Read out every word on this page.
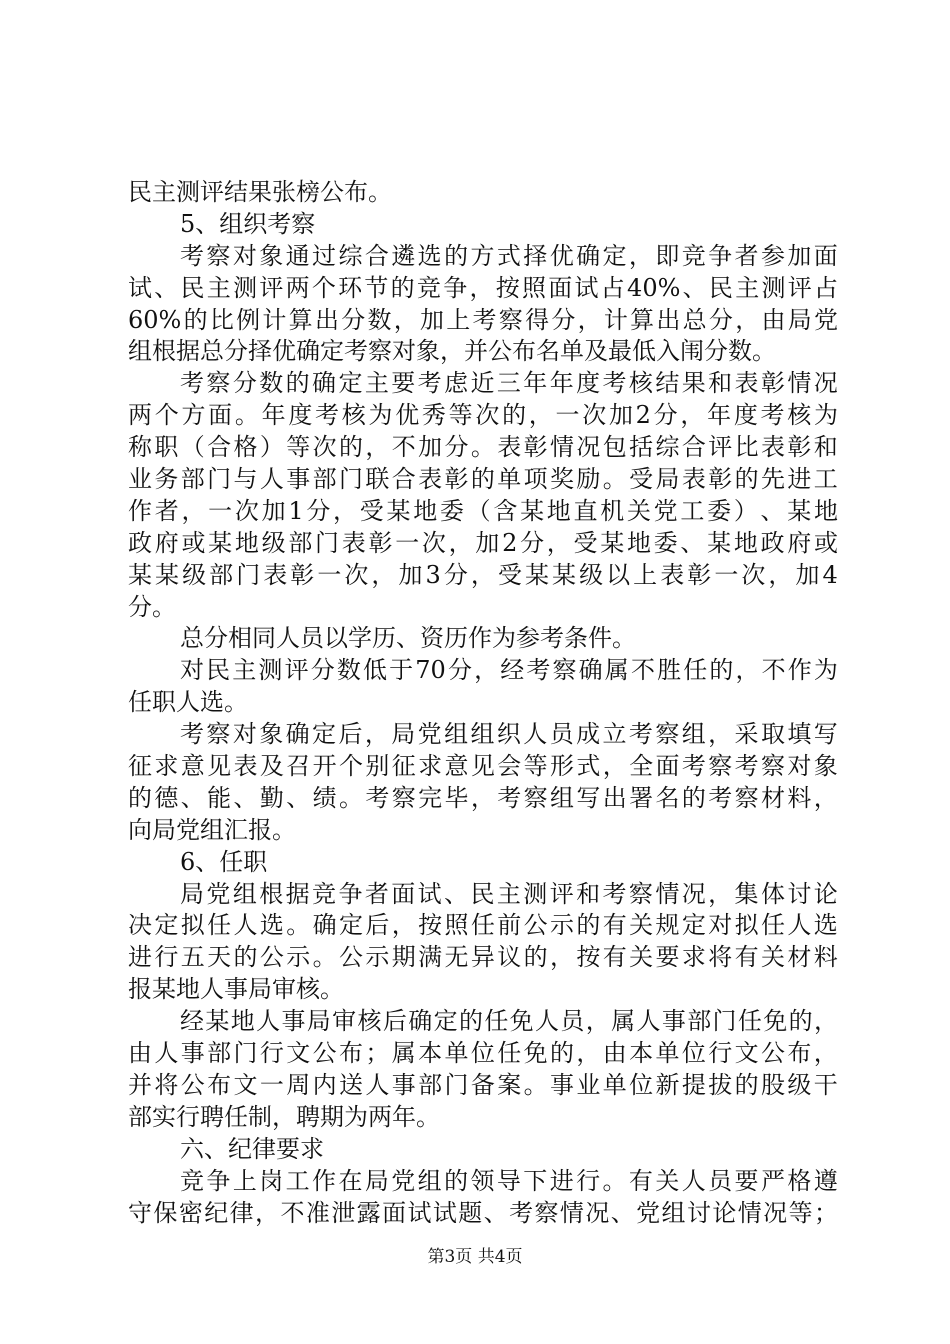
民主测评结果张榜公布。
5、组织考察
考 察 对 象 通 过 综 合 遴 选 的 方 式 择 优 确 定 ， 即 竞 争 者 参 加 面
试 、 民 主 测 评 两 个 环 节 的 竞 争 ， 按 照 面 试 占 40% 、 民 主 测 评 占
60% 的 比 例 计 算 出 分 数 ， 加 上 考 察 得 分 ， 计 算 出 总 分 ， 由 局 党
组根据总分择优确定考察对象，并公布名单及最低入闱分数。
考 察 分 数 的 确 定 主 要 考 虑 近 三 年 年 度 考 核 结 果 和 表 彰 情 况
两 个 方 面 。 年 度 考 核 为 优 秀 等 次 的 ， 一 次 加 2 分 ， 年 度 考 核 为
称 职 （ 合 格 ） 等 次 的 ， 不 加 分 。 表 彰 情 况 包 括 综 合 评 比 表 彰 和
业 务 部 门 与 人 事 部 门 联 合 表 彰 的 单 项 奖 励 。 受 局 表 彰 的 先 进 工
作 者 ， 一 次 加 1 分 ， 受 某 地 委 （ 含 某 地 直 机 关 党 工 委 ） 、 某 地
政 府 或 某 地 级 部 门 表 彰 一 次 ， 加 2 分 ， 受 某 地 委 、 某 地 政 府 或
某 某 级 部 门 表 彰 一 次 ， 加 3 分 ， 受 某 某 级 以 上 表 彰 一 次 ， 加 4
分。
总分相同人员以学历、资历作为参考条件。
对 民 主 测 评 分 数 低 于 70 分 ， 经 考 察 确 属 不 胜 任 的 ， 不 作 为
任职人选。
考 察 对 象 确 定 后 ， 局 党 组 组 织 人 员 成 立 考 察 组 ， 采 取 填 写
征 求 意 见 表 及 召 开 个 别 征 求 意 见 会 等 形 式 ， 全 面 考 察 考 察 对 象
的 德 、 能 、 勤 、 绩 。 考 察 完 毕 ， 考 察 组 写 出 署 名 的 考 察 材 料 ，
向局党组汇报。
6、任职
局 党 组 根 据 竞 争 者 面 试 、 民 主 测 评 和 考 察 情 况 ， 集 体 讨 论
决 定 拟 任 人 选 。 确 定 后 ， 按 照 任 前 公 示 的 有 关 规 定 对 拟 任 人 选
进 行 五 天 的 公 示 。 公 示 期 满 无 异 议 的 ， 按 有 关 要 求 将 有 关 材 料
报某地人事局审核。
经 某 地 人 事 局 审 核 后 确 定 的 任 免 人 员 ， 属 人 事 部 门 任 免 的 ，
由 人 事 部 门 行 文 公 布 ； 属 本 单 位 任 免 的 ， 由 本 单 位 行 文 公 布 ，
并 将 公 布 文 一 周 内 送 人 事 部 门 备 案 。 事 业 单 位 新 提 拔 的 股 级 干
部实行聘任制，聘期为两年。
六、纪律要求
竞 争 上 岗 工 作 在 局 党 组 的 领 导 下 进 行 。 有 关 人 员 要 严 格 遵
守 保 密 纪 律 ， 不 准 泄 露 面 试 试 题 、 考 察 情 况 、 党 组 讨 论 情 况 等 ；
第3页 共4页
